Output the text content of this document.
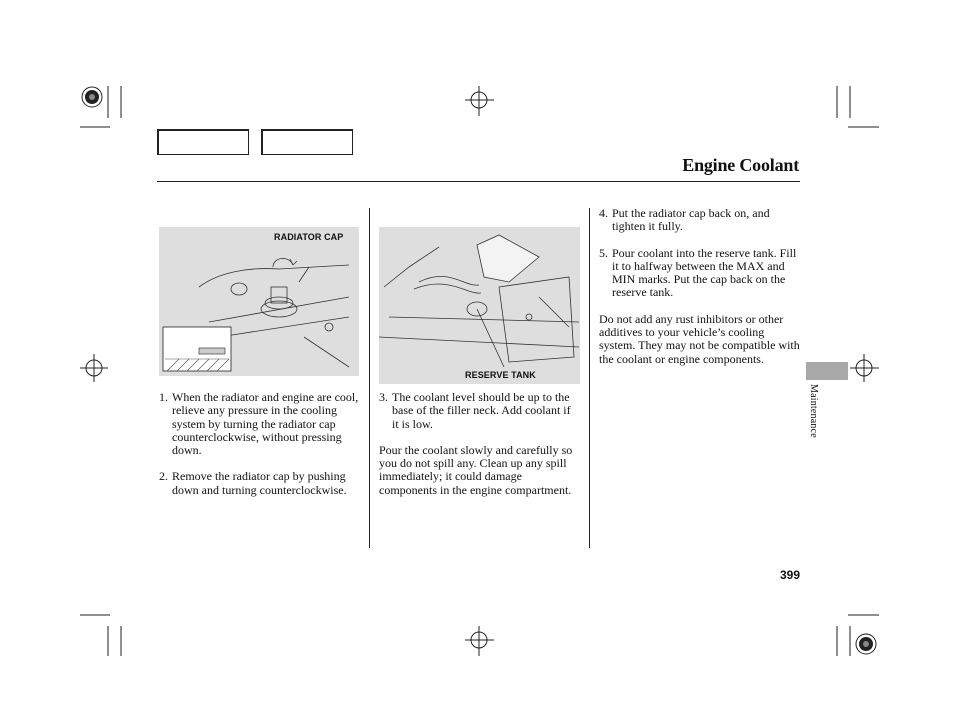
Engine Coolant
RADIATOR CAP
RESERVE TANK
1. When the radiator and engine are cool, relieve any pressure in the cooling system by turning the radiator cap counterclockwise, without pressing down.
2. Remove the radiator cap by pushing down and turning counterclockwise.
3. The coolant level should be up to the base of the filler neck. Add coolant if it is low.
Pour the coolant slowly and carefully so you do not spill any. Clean up any spill immediately; it could damage components in the engine compartment.
4. Put the radiator cap back on, and tighten it fully.
5. Pour coolant into the reserve tank. Fill it to halfway between the MAX and MIN marks. Put the cap back on the reserve tank.
Do not add any rust inhibitors or other additives to your vehicle’s cooling system. They may not be compatible with the coolant or engine components.
Maintenance
399
